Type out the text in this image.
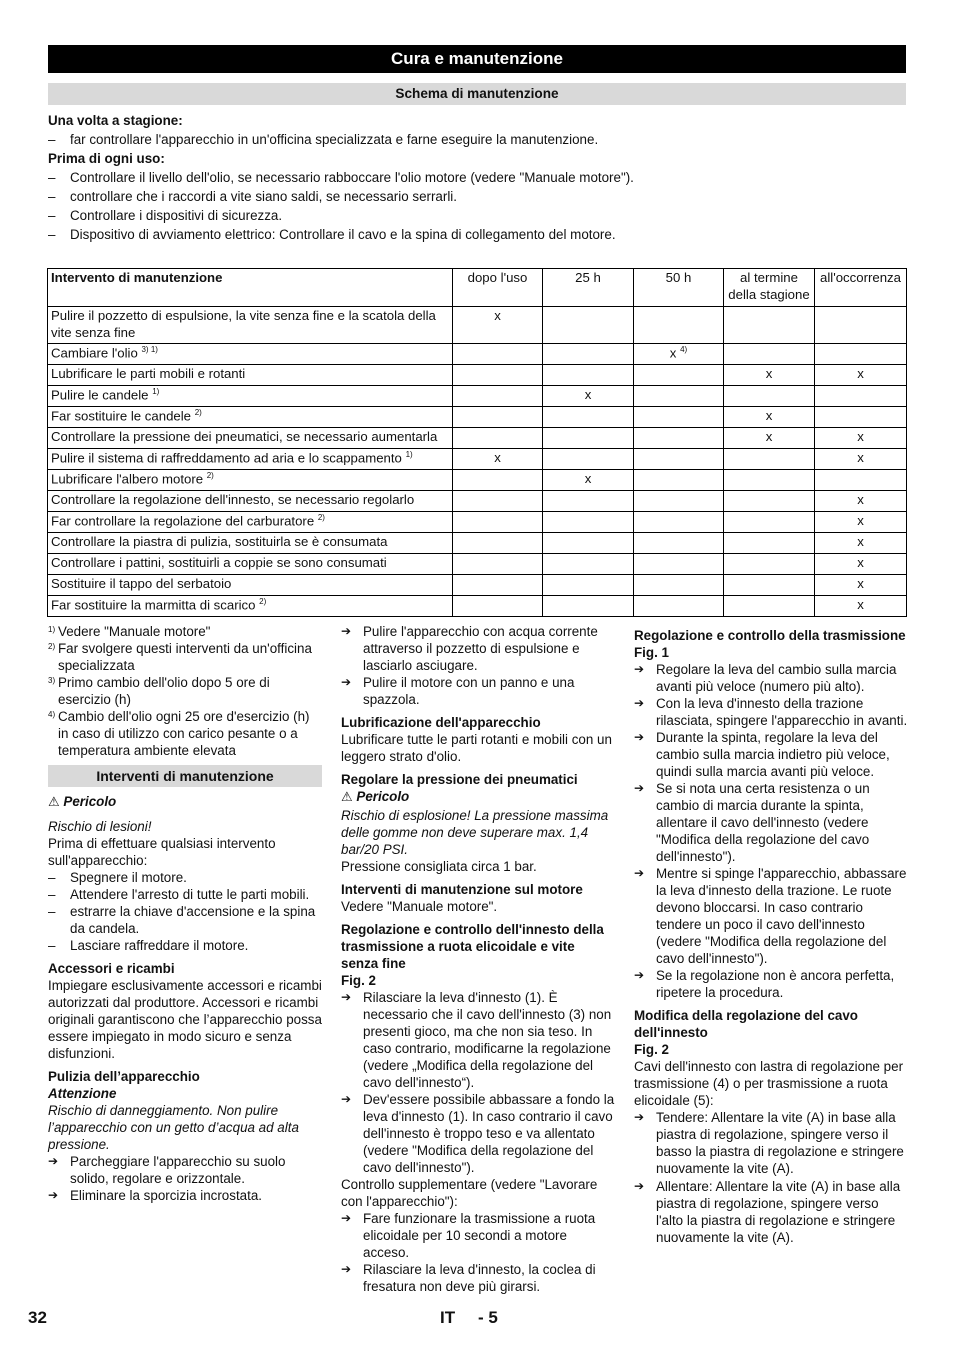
Cura e manutenzione
Schema di manutenzione

Una volta a stagione:

– far controllare l'apparecchio in un'officina specializzata e farne eseguire la manutenzione.

Prima di ogni uso:

– Controllare il livello dell'olio, se necessario rabboccare l'olio motore (vedere "Manuale motore").

– controllare che i raccordi a vite siano saldi, se necessario serrarli.

– Controllare i dispositivi di sicurezza.

– Dispositivo di avviamento elettrico: Controllare il cavo e la spina di collegamento del motore.

Intervento di manutenzione	dopo l'uso	25 h	50 h	al termine della stagione	all'occorrenza
Pulire il pozzetto di espulsione, la vite senza fine e la scatola della vite senza fine	x				
Cambiare l'olio $^{3) 1)}$			x $^{4)}$		
Lubrificare le parti mobili e rotanti				x	x
Pulire le candele $^{1)}$		x			
Far sostituire le candele $^{2)}$				x	
Controllare la pressione dei pneumatici, se necessario aumentarla				x	x
Pulire il sistema di raffreddamento ad aria e lo scappamento $^{1)}$	x				x
Lubrificare l'albero motore $^{2)}$		x			
Controllare la regolazione dell'innesto, se necessario regolarlo					x
Far controllare la regolazione del carburatore $^{2)}$					x
Controllare la piastra di pulizia, sostituirla se è consumata					x
Controllare i pattini, sostituirli a coppie se sono consumati					x
Sostituire il tappo del serbatoio					x
Far sostituire la marmitta di scarico $^{2)}$					x

1) Vedere "Manuale motore"

2) Far svolgere questi interventi da un'officina specializzata

3) Primo cambio dell'olio dopo 5 ore di esercizio (h)

4) Cambio dell'olio ogni 25 ore d'esercizio (h) in caso di utilizzo con carico pesante o a temperatura ambiente elevata

Interventi di manutenzione

⚠ Pericolo

Rischio di lesioni!

Prima di effettuare qualsiasi intervento sull'apparecchio:

– Spegnere il motore.

– Attendere l'arresto di tutte le parti mobili.

– estrarre la chiave d'accensione e la spina da candela.

– Lasciare raffreddare il motore.

Accessori e ricambi

Impiegare esclusivamente accessori e ricambi autorizzati dal produttore. Accessori e ricambi originali garantiscono che l’apparecchio possa essere impiegato in modo sicuro e senza disfunzioni.

Pulizia dell’apparecchio

Attenzione

Rischio di danneggiamento. Non pulire l’apparecchio con un getto d’acqua ad alta pressione.

➔ Parcheggiare l'apparecchio su suolo solido, regolare e orizzontale.

➔ Eliminare la sporcizia incrostata.

➔ Pulire l'apparecchio con acqua corrente attraverso il pozzetto di espulsione e lasciarlo asciugare.

➔ Pulire il motore con un panno e una spazzola.

Lubrificazione dell'apparecchio

Lubrificare tutte le parti rotanti e mobili con un leggero strato d'olio.

Regolare la pressione dei pneumatici

⚠ Pericolo

Rischio di esplosione! La pressione massima delle gomme non deve superare max. 1,4 bar/20 PSI.

Pressione consigliata circa 1 bar.

Interventi di manutenzione sul motore

Vedere "Manuale motore".

Regolazione e controllo dell'innesto della trasmissione a ruota elicoidale e vite senza fine

Fig. 2

➔ Rilasciare la leva d'innesto (1). È necessario che il cavo dell'innesto (3) non presenti gioco, ma che non sia teso. In caso contrario, modificarne la regolazione (vedere „Modifica della regolazione del cavo dell'innesto“).

➔ Dev'essere possibile abbassare a fondo la leva d'innesto (1). In caso contrario il cavo dell'innesto è troppo teso e va allentato (vedere "Modifica della regolazione del cavo dell'innesto").

Controllo supplementare (vedere "Lavorare con l'apparecchio"):

➔ Fare funzionare la trasmissione a ruota elicoidale per 10 secondi a motore acceso.

➔ Rilasciare la leva d'innesto, la coclea di fresatura non deve più girarsi.

Regolazione e controllo della trasmissione

Fig. 1

➔ Regolare la leva del cambio sulla marcia avanti più veloce (numero più alto).

➔ Con la leva d'innesto della trazione rilasciata, spingere l'apparecchio in avanti.

➔ Durante la spinta, regolare la leva del cambio sulla marcia indietro più veloce, quindi sulla marcia avanti più veloce.

➔ Se si nota una certa resistenza o un cambio di marcia durante la spinta, allentare il cavo dell'innesto (vedere "Modifica della regolazione del cavo dell'innesto").

➔ Mentre si spinge l'apparecchio, abbassare la leva d'innesto della trazione. Le ruote devono bloccarsi. In caso contrario tendere un poco il cavo dell'innesto (vedere "Modifica della regolazione del cavo dell'innesto").

➔ Se la regolazione non è ancora perfetta, ripetere la procedura.

Modifica della regolazione del cavo dell'innesto

Fig. 2

Cavi dell'innesto con lastra di regolazione per trasmissione (4) o per trasmissione a ruota elicoidale (5):

➔ Tendere: Allentare la vite (A) in base alla piastra di regolazione, spingere verso il basso la piastra di regolazione e stringere nuovamente la vite (A).

➔ Allentare: Allentare la vite (A) in base alla piastra di regolazione, spingere verso l'alto la piastra di regolazione e stringere nuovamente la vite (A).

32	IT - 5
